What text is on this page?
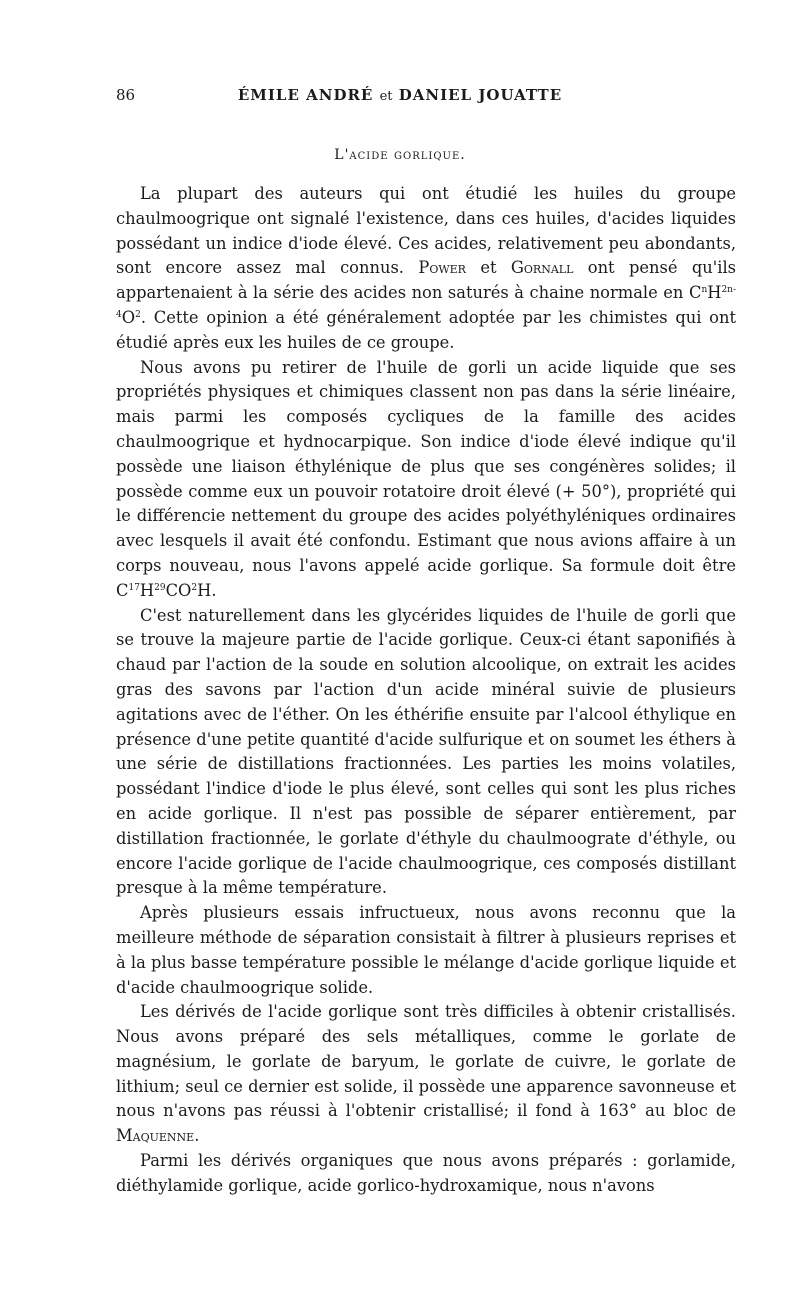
86	ÉMILE ANDRÉ et DANIEL JOUATTE
L'acide gorlique.

La plupart des auteurs qui ont étudié les huiles du groupe chaulmoogrique ont signalé l'existence, dans ces huiles, d'acides liquides possédant un indice d'iode élevé. Ces acides, relativement peu abondants, sont encore assez mal connus. Power et Gornall ont pensé qu'ils appartenaient à la série des acides non saturés à chaine normale en $C^nH^{2n-4}O^2$. Cette opinion a été généralement adoptée par les chimistes qui ont étudié après eux les huiles de ce groupe.

Nous avons pu retirer de l'huile de gorli un acide liquide que ses propriétés physiques et chimiques classent non pas dans la série linéaire, mais parmi les composés cycliques de la famille des acides chaulmoogrique et hydnocarpique. Son indice d'iode élevé indique qu'il possède une liaison éthylénique de plus que ses congénères solides; il possède comme eux un pouvoir rotatoire droit élevé (+ 50°), propriété qui le différencie nettement du groupe des acides polyéthyléniques ordinaires avec lesquels il avait été confondu. Estimant que nous avions affaire à un corps nouveau, nous l'avons appelé acide gorlique. Sa formule doit être $C^{17}H^{29}CO^2H$.

C'est naturellement dans les glycérides liquides de l'huile de gorli que se trouve la majeure partie de l'acide gorlique. Ceux-ci étant saponifiés à chaud par l'action de la soude en solution alcoolique, on extrait les acides gras des savons par l'action d'un acide minéral suivie de plusieurs agitations avec de l'éther. On les éthérifie ensuite par l'alcool éthylique en présence d'une petite quantité d'acide sulfurique et on soumet les éthers à une série de distillations fractionnées. Les parties les moins volatiles, possédant l'indice d'iode le plus élevé, sont celles qui sont les plus riches en acide gorlique. Il n'est pas possible de séparer entièrement, par distillation fractionnée, le gorlate d'éthyle du chaulmoograte d'éthyle, ou encore l'acide gorlique de l'acide chaulmoogrique, ces composés distillant presque à la même température.

Après plusieurs essais infructueux, nous avons reconnu que la meilleure méthode de séparation consistait à filtrer à plusieurs reprises et à la plus basse température possible le mélange d'acide gorlique liquide et d'acide chaulmoogrique solide.

Les dérivés de l'acide gorlique sont très difficiles à obtenir cristallisés. Nous avons préparé des sels métalliques, comme le gorlate de magnésium, le gorlate de baryum, le gorlate de cuivre, le gorlate de lithium; seul ce dernier est solide, il possède une apparence savonneuse et nous n'avons pas réussi à l'obtenir cristallisé; il fond à 163° au bloc de Maquenne.

Parmi les dérivés organiques que nous avons préparés : gorlamide, diéthylamide gorlique, acide gorlico-hydroxamique, nous n'avons
